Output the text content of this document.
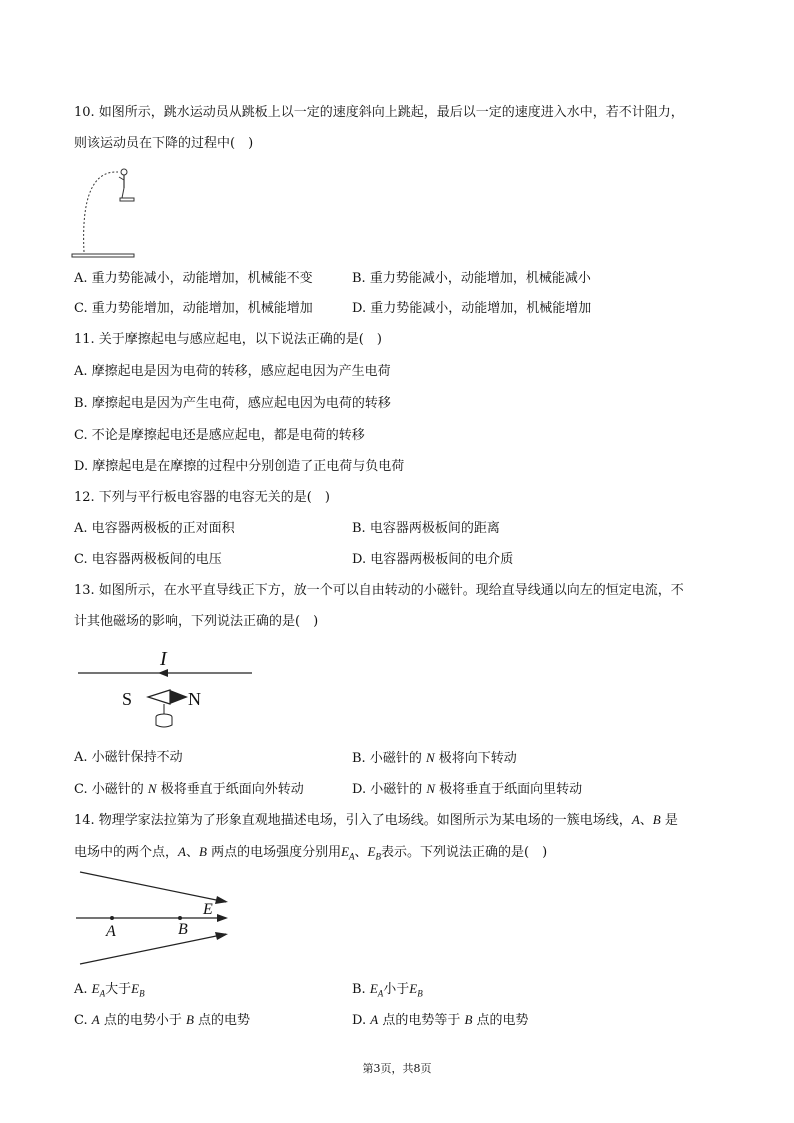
10. 如图所示，跳水运动员从跳板上以一定的速度斜向上跳起，最后以一定的速度进入水中，若不计阻力，
则该运动员在下降的过程中(　)
A. 重力势能减小，动能增加，机械能不变	B. 重力势能减小，动能增加，机械能减小
C. 重力势能增加，动能增加，机械能增加	D. 重力势能减小，动能增加，机械能增加
11. 关于摩擦起电与感应起电，以下说法正确的是(　)
A. 摩擦起电是因为电荷的转移，感应起电因为产生电荷
B. 摩擦起电是因为产生电荷，感应起电因为电荷的转移
C. 不论是摩擦起电还是感应起电，都是电荷的转移
D. 摩擦起电是在摩擦的过程中分别创造了正电荷与负电荷
12. 下列与平行板电容器的电容无关的是(　)
A. 电容器两极板的正对面积	B. 电容器两极板间的距离
C. 电容器两极板间的电压	D. 电容器两极板间的电介质
13. 如图所示，在水平直导线正下方，放一个可以自由转动的小磁针。现给直导线通以向左的恒定电流，不
计其他磁场的影响，下列说法正确的是(　)
I
S	N
A. 小磁针保持不动	B. 小磁针的 N 极将向下转动
C. 小磁针的 N 极将垂直于纸面向外转动	D. 小磁针的 N 极将垂直于纸面向里转动
14. 物理学家法拉第为了形象直观地描述电场，引入了电场线。如图所示为某电场的一簇电场线，A、B 是
电场中的两个点，A、B 两点的电场强度分别用$E_A$、$E_B$表示。下列说法正确的是(　)
E
A	B
A. $E_A$大于$E_B$	B. $E_A$小于$E_B$
C. A 点的电势小于 B 点的电势	D. A 点的电势等于 B 点的电势
第3页，共8页
